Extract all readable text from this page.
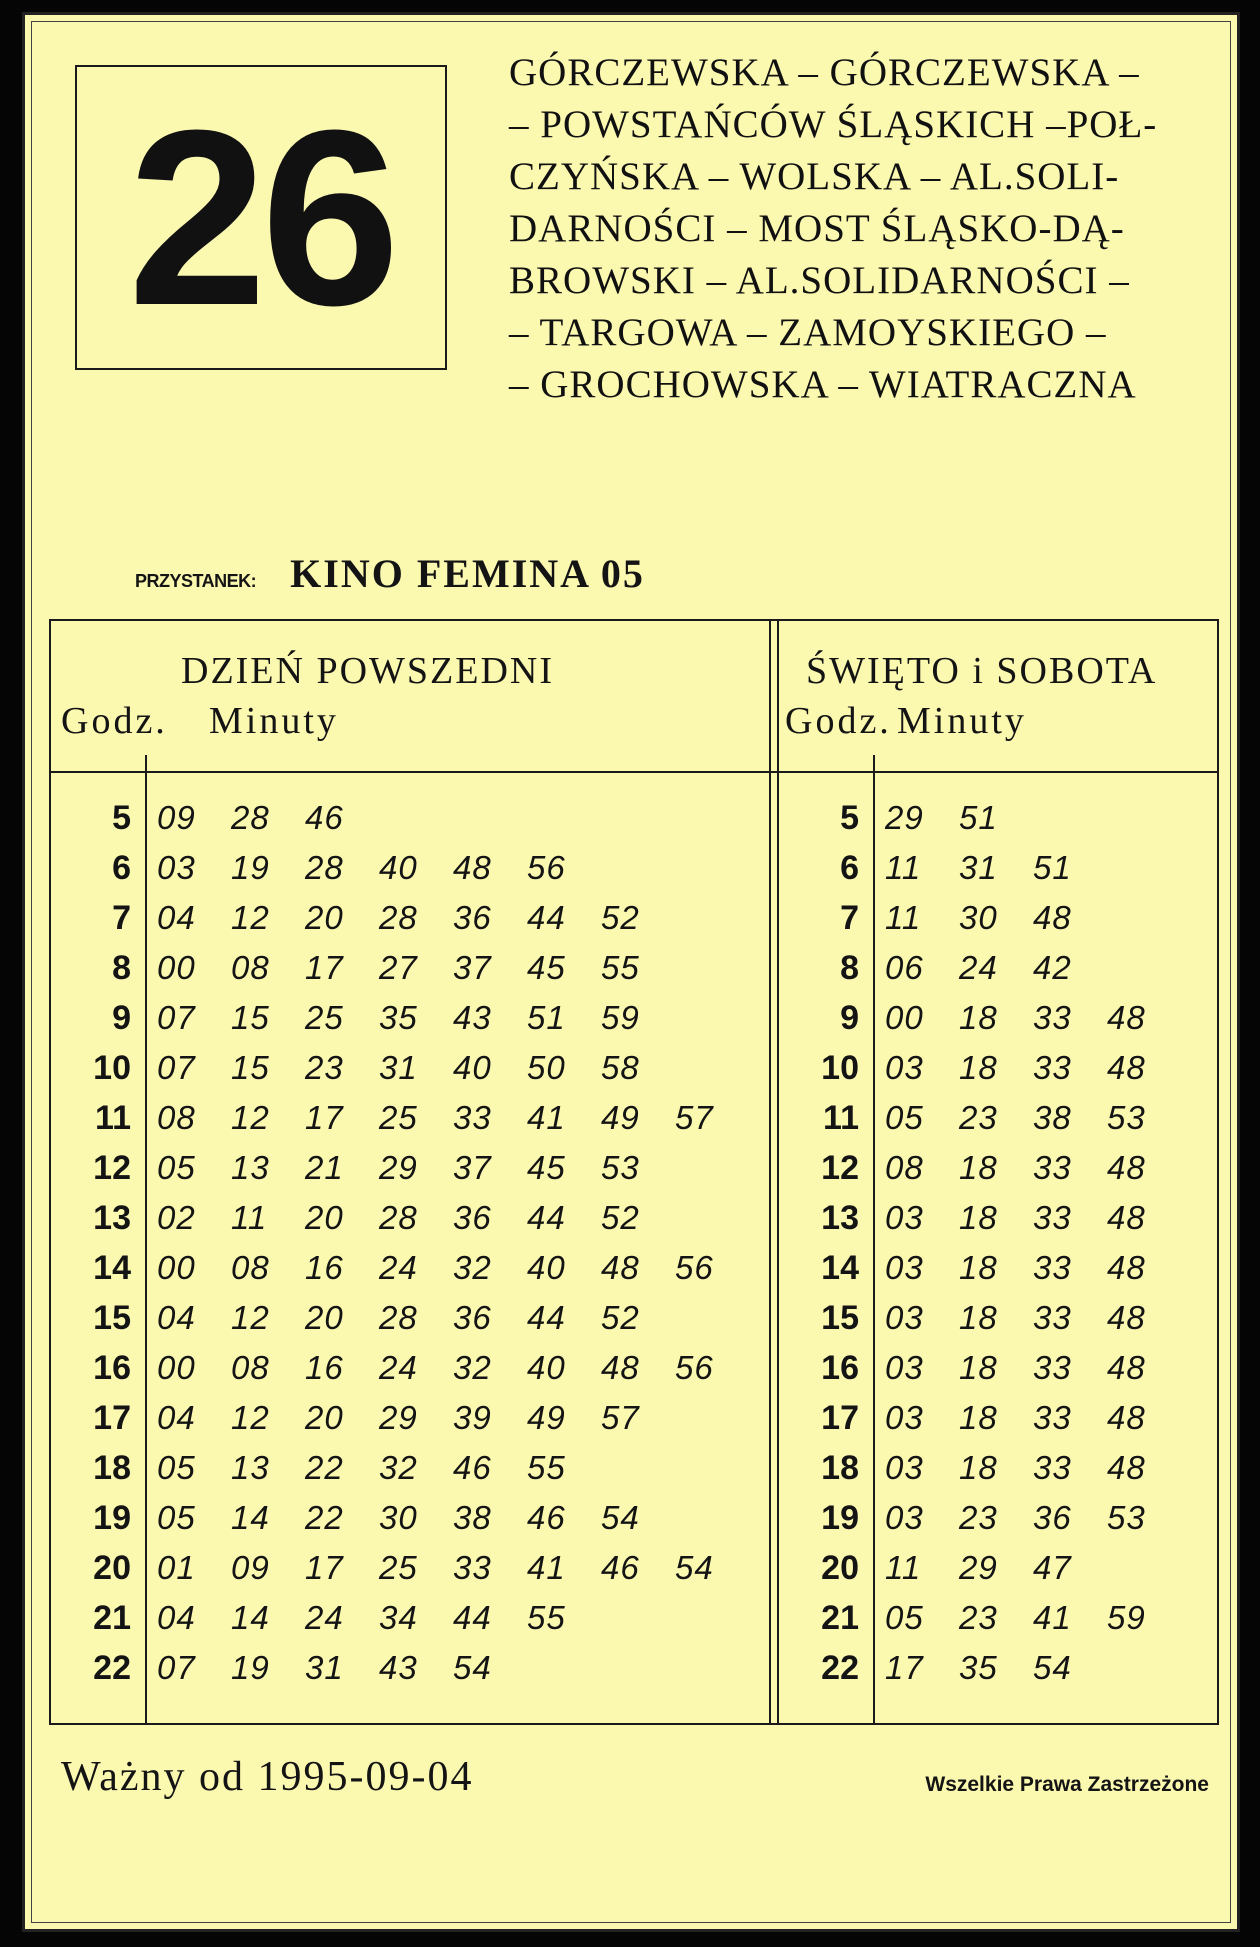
26
GÓRCZEWSKA – GÓRCZEWSKA –
– POWSTAŃCÓW ŚLĄSKICH –POŁ-
CZYŃSKA – WOLSKA – AL.SOLI-
DARNOŚCI – MOST ŚLĄSKO-DĄ-
BROWSKI – AL.SOLIDARNOŚCI –
– TARGOWA – ZAMOYSKIEGO –
– GROCHOWSKA – WIATRACZNA
PRZYSTANEK: KINO FEMINA 05
DZIEŃ POWSZEDNI
Godz. Minuty
ŚWIĘTO i SOBOTA
Godz. Minuty
5 09	28	46
6 03	19	28	40	48	56
7 04	12	20	28	36	44	52
8 00	08	17	27	37	45	55
9 07	15	25	35	43	51	59
10 07	15	23	31	40	50	58
11 08	12	17	25	33	41	49	57
12 05	13	21	29	37	45	53
13 02	11	20	28	36	44	52
14 00	08	16	24	32	40	48	56
15 04	12	20	28	36	44	52
16 00	08	16	24	32	40	48	56
17 04	12	20	29	39	49	57
18 05	13	22	32	46	55
19 05	14	22	30	38	46	54
20 01	09	17	25	33	41	46	54
21 04	14	24	34	44	55
22 07	19	31	43	54
5 29	51
6 11	31	51
7 11	30	48
8 06	24	42
9 00	18	33	48
10 03	18	33	48
11 05	23	38	53
12 08	18	33	48
13 03	18	33	48
14 03	18	33	48
15 03	18	33	48
16 03	18	33	48
17 03	18	33	48
18 03	18	33	48
19 03	23	36	53
20 11	29	47
21 05	23	41	59
22 17	35	54
Ważny od 1995-09-04	Wszelkie Prawa Zastrzeżone
